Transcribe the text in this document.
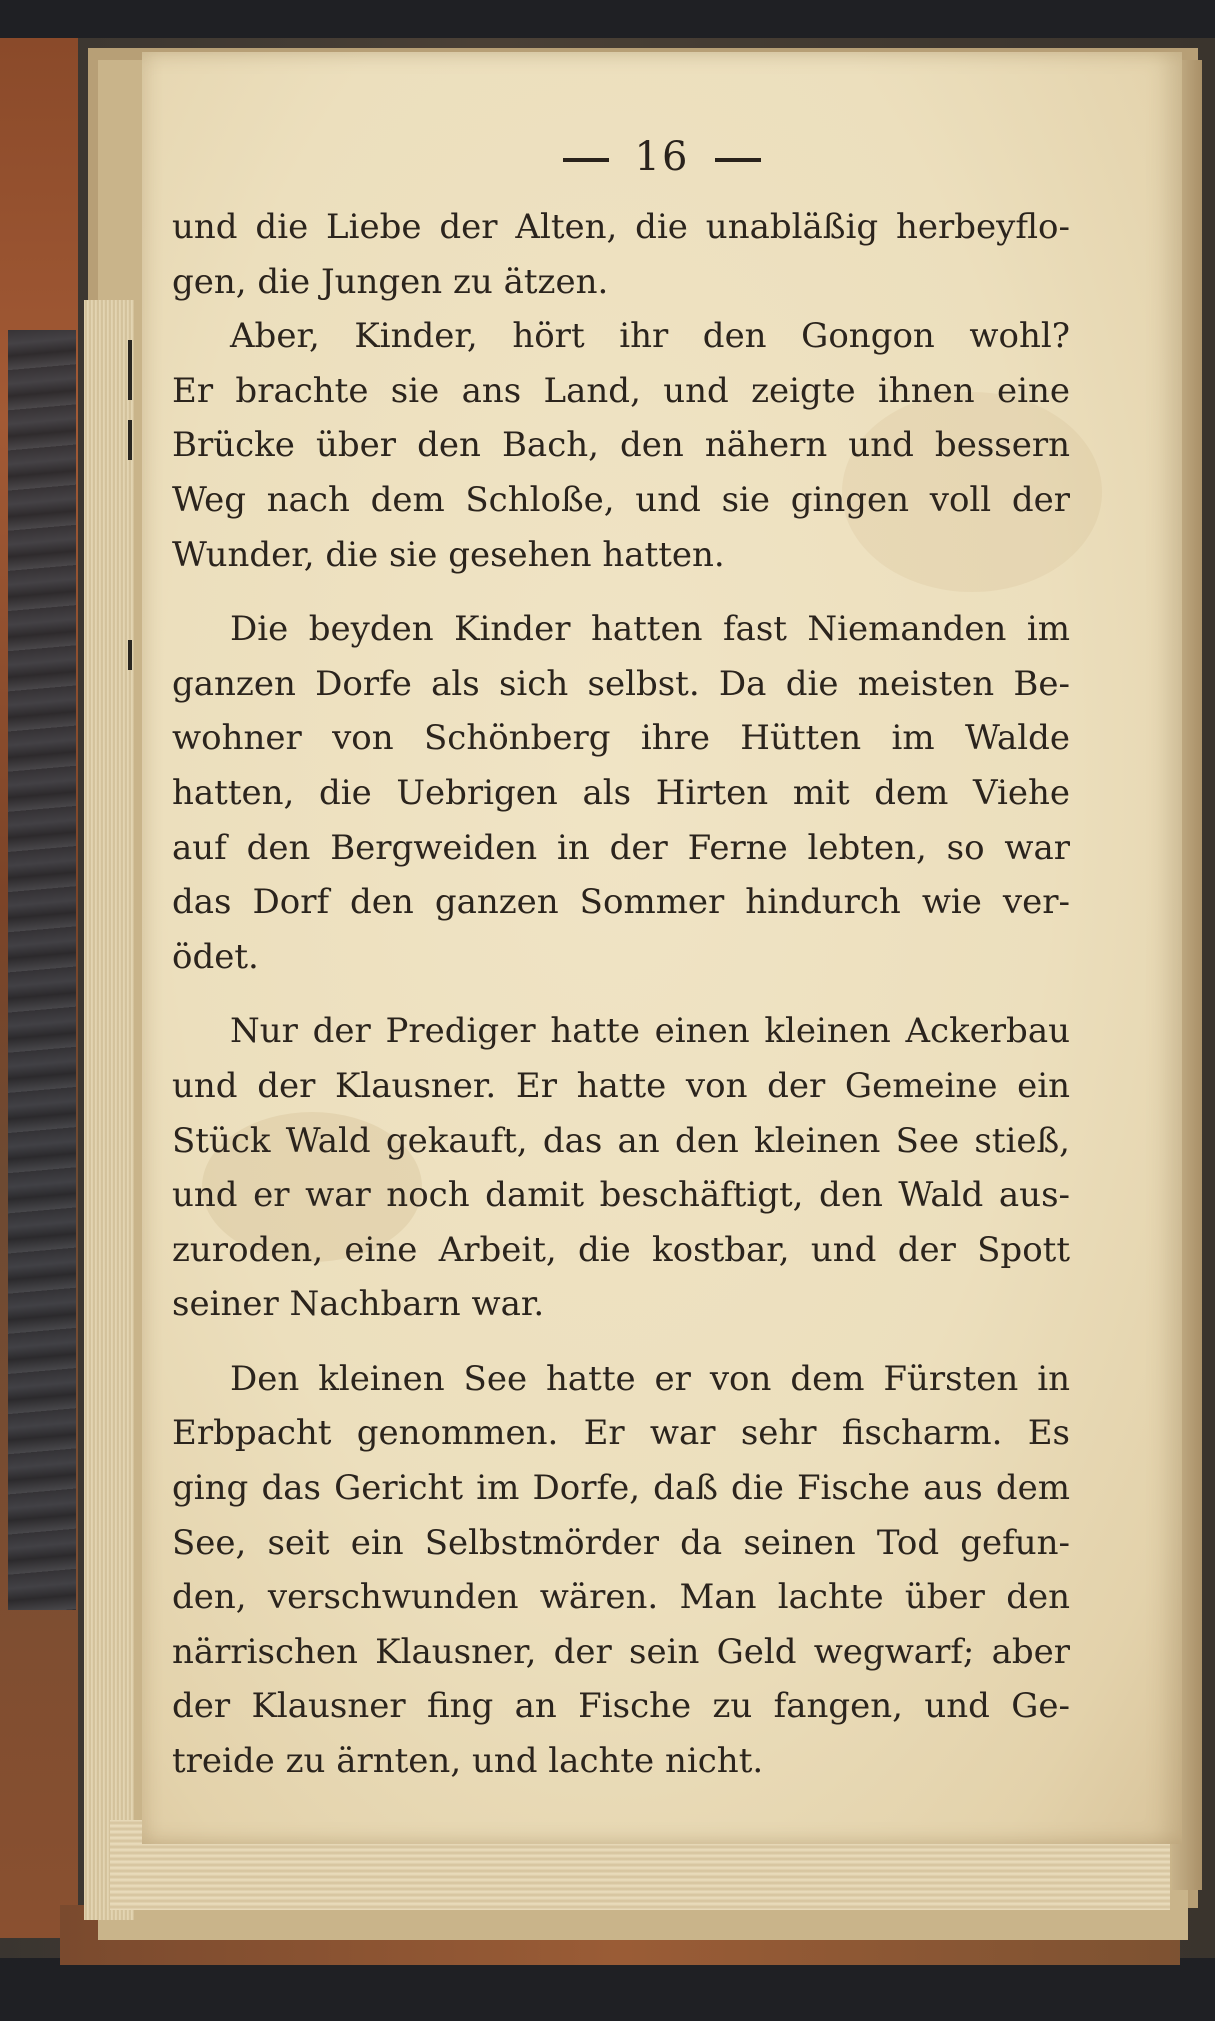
16

und die Liebe der Alten, die unabläßig herbeyflo-
gen, die Jungen zu ätzen.

Aber, Kinder, hört ihr den Gongon wohl?
Er brachte sie ans Land, und zeigte ihnen eine
Brücke über den Bach, den nähern und bessern
Weg nach dem Schloße, und sie gingen voll der
Wunder, die sie gesehen hatten.

Die beyden Kinder hatten fast Niemanden im
ganzen Dorfe als sich selbst. Da die meisten Be-
wohner von Schönberg ihre Hütten im Walde
hatten, die Uebrigen als Hirten mit dem Viehe
auf den Bergweiden in der Ferne lebten, so war
das Dorf den ganzen Sommer hindurch wie ver-
ödet.

Nur der Prediger hatte einen kleinen Ackerbau
und der Klausner. Er hatte von der Gemeine ein
Stück Wald gekauft, das an den kleinen See stieß,
und er war noch damit beschäftigt, den Wald aus-
zuroden, eine Arbeit, die kostbar, und der Spott
seiner Nachbarn war.

Den kleinen See hatte er von dem Fürsten in
Erbpacht genommen. Er war sehr fischarm. Es
ging das Gericht im Dorfe, daß die Fische aus dem
See, seit ein Selbstmörder da seinen Tod gefun-
den, verschwunden wären. Man lachte über den
närrischen Klausner, der sein Geld wegwarf; aber
der Klausner fing an Fische zu fangen, und Ge-
treide zu ärnten, und lachte nicht.
